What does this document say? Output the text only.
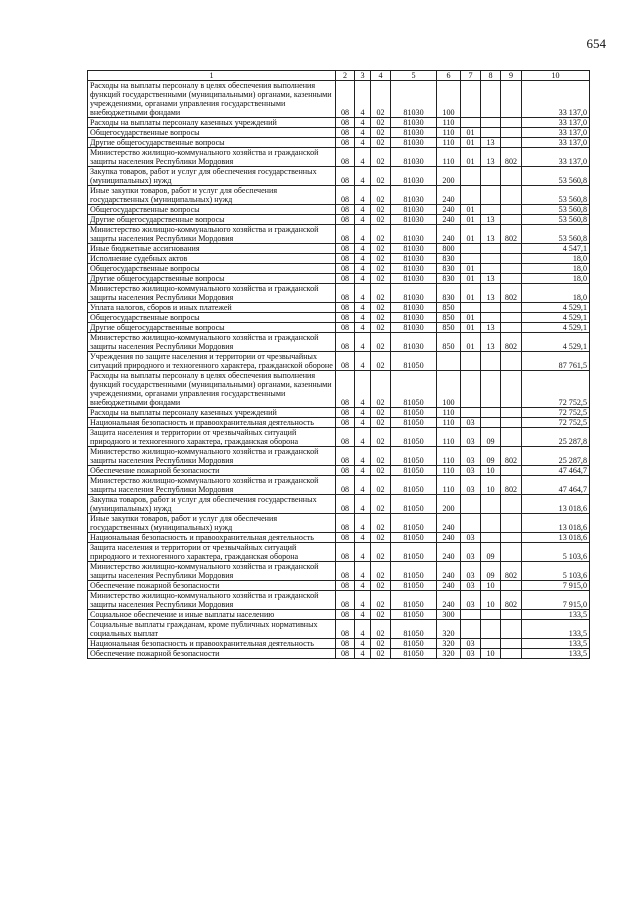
654
1	2	3	4	5	6	7	8	9	10
Расходы на выплаты персоналу в целях обеспечения выполнения функций государственными (муниципальными) органами, казенными учреждениями, органами управления государственными внебюджетными фондами	08	4	02	81030	100				33 137,0
Расходы на выплаты персоналу казенных учреждений	08	4	02	81030	110				33 137,0
Общегосударственные вопросы	08	4	02	81030	110	01			33 137,0
Другие общегосударственные вопросы	08	4	02	81030	110	01	13		33 137,0
Министерство жилищно-коммунального хозяйства и гражданской защиты населения Республики Мордовия	08	4	02	81030	110	01	13	802	33 137,0
Закупка товаров, работ и услуг для обеспечения государственных (муниципальных) нужд	08	4	02	81030	200				53 560,8
Иные закупки товаров, работ и услуг для обеспечения государственных (муниципальных) нужд	08	4	02	81030	240				53 560,8
Общегосударственные вопросы	08	4	02	81030	240	01			53 560,8
Другие общегосударственные вопросы	08	4	02	81030	240	01	13		53 560,8
Министерство жилищно-коммунального хозяйства и гражданской защиты населения Республики Мордовия	08	4	02	81030	240	01	13	802	53 560,8
Иные бюджетные ассигнования	08	4	02	81030	800				4 547,1
Исполнение судебных актов	08	4	02	81030	830				18,0
Общегосударственные вопросы	08	4	02	81030	830	01			18,0
Другие общегосударственные вопросы	08	4	02	81030	830	01	13		18,0
Министерство жилищно-коммунального хозяйства и гражданской защиты населения Республики Мордовия	08	4	02	81030	830	01	13	802	18,0
Уплата налогов, сборов и иных платежей	08	4	02	81030	850				4 529,1
Общегосударственные вопросы	08	4	02	81030	850	01			4 529,1
Другие общегосударственные вопросы	08	4	02	81030	850	01	13		4 529,1
Министерство жилищно-коммунального хозяйства и гражданской защиты населения Республики Мордовия	08	4	02	81030	850	01	13	802	4 529,1
Учреждения по защите населения и территории от чрезвычайных ситуаций природного и техногенного характера, гражданской обороне	08	4	02	81050					87 761,5
Расходы на выплаты персоналу в целях обеспечения выполнения функций государственными (муниципальными) органами, казенными учреждениями, органами управления государственными внебюджетными фондами	08	4	02	81050	100				72 752,5
Расходы на выплаты персоналу казенных учреждений	08	4	02	81050	110				72 752,5
Национальная безопасность и правоохранительная деятельность	08	4	02	81050	110	03			72 752,5
Защита населения и территории от чрезвычайных ситуаций природного и техногенного характера, гражданская оборона	08	4	02	81050	110	03	09		25 287,8
Министерство жилищно-коммунального хозяйства и гражданской защиты населения Республики Мордовия	08	4	02	81050	110	03	09	802	25 287,8
Обеспечение пожарной безопасности	08	4	02	81050	110	03	10		47 464,7
Министерство жилищно-коммунального хозяйства и гражданской защиты населения Республики Мордовия	08	4	02	81050	110	03	10	802	47 464,7
Закупка товаров, работ и услуг для обеспечения государственных (муниципальных) нужд	08	4	02	81050	200				13 018,6
Иные закупки товаров, работ и услуг для обеспечения государственных (муниципальных) нужд	08	4	02	81050	240				13 018,6
Национальная безопасность и правоохранительная деятельность	08	4	02	81050	240	03			13 018,6
Защита населения и территории от чрезвычайных ситуаций природного и техногенного характера, гражданская оборона	08	4	02	81050	240	03	09		5 103,6
Министерство жилищно-коммунального хозяйства и гражданской защиты населения Республики Мордовия	08	4	02	81050	240	03	09	802	5 103,6
Обеспечение пожарной безопасности	08	4	02	81050	240	03	10		7 915,0
Министерство жилищно-коммунального хозяйства и гражданской защиты населения Республики Мордовия	08	4	02	81050	240	03	10	802	7 915,0
Социальное обеспечение и иные выплаты населению	08	4	02	81050	300				133,5
Социальные выплаты гражданам, кроме публичных нормативных социальных выплат	08	4	02	81050	320				133,5
Национальная безопасность и правоохранительная деятельность	08	4	02	81050	320	03			133,5
Обеспечение пожарной безопасности	08	4	02	81050	320	03	10		133,5
